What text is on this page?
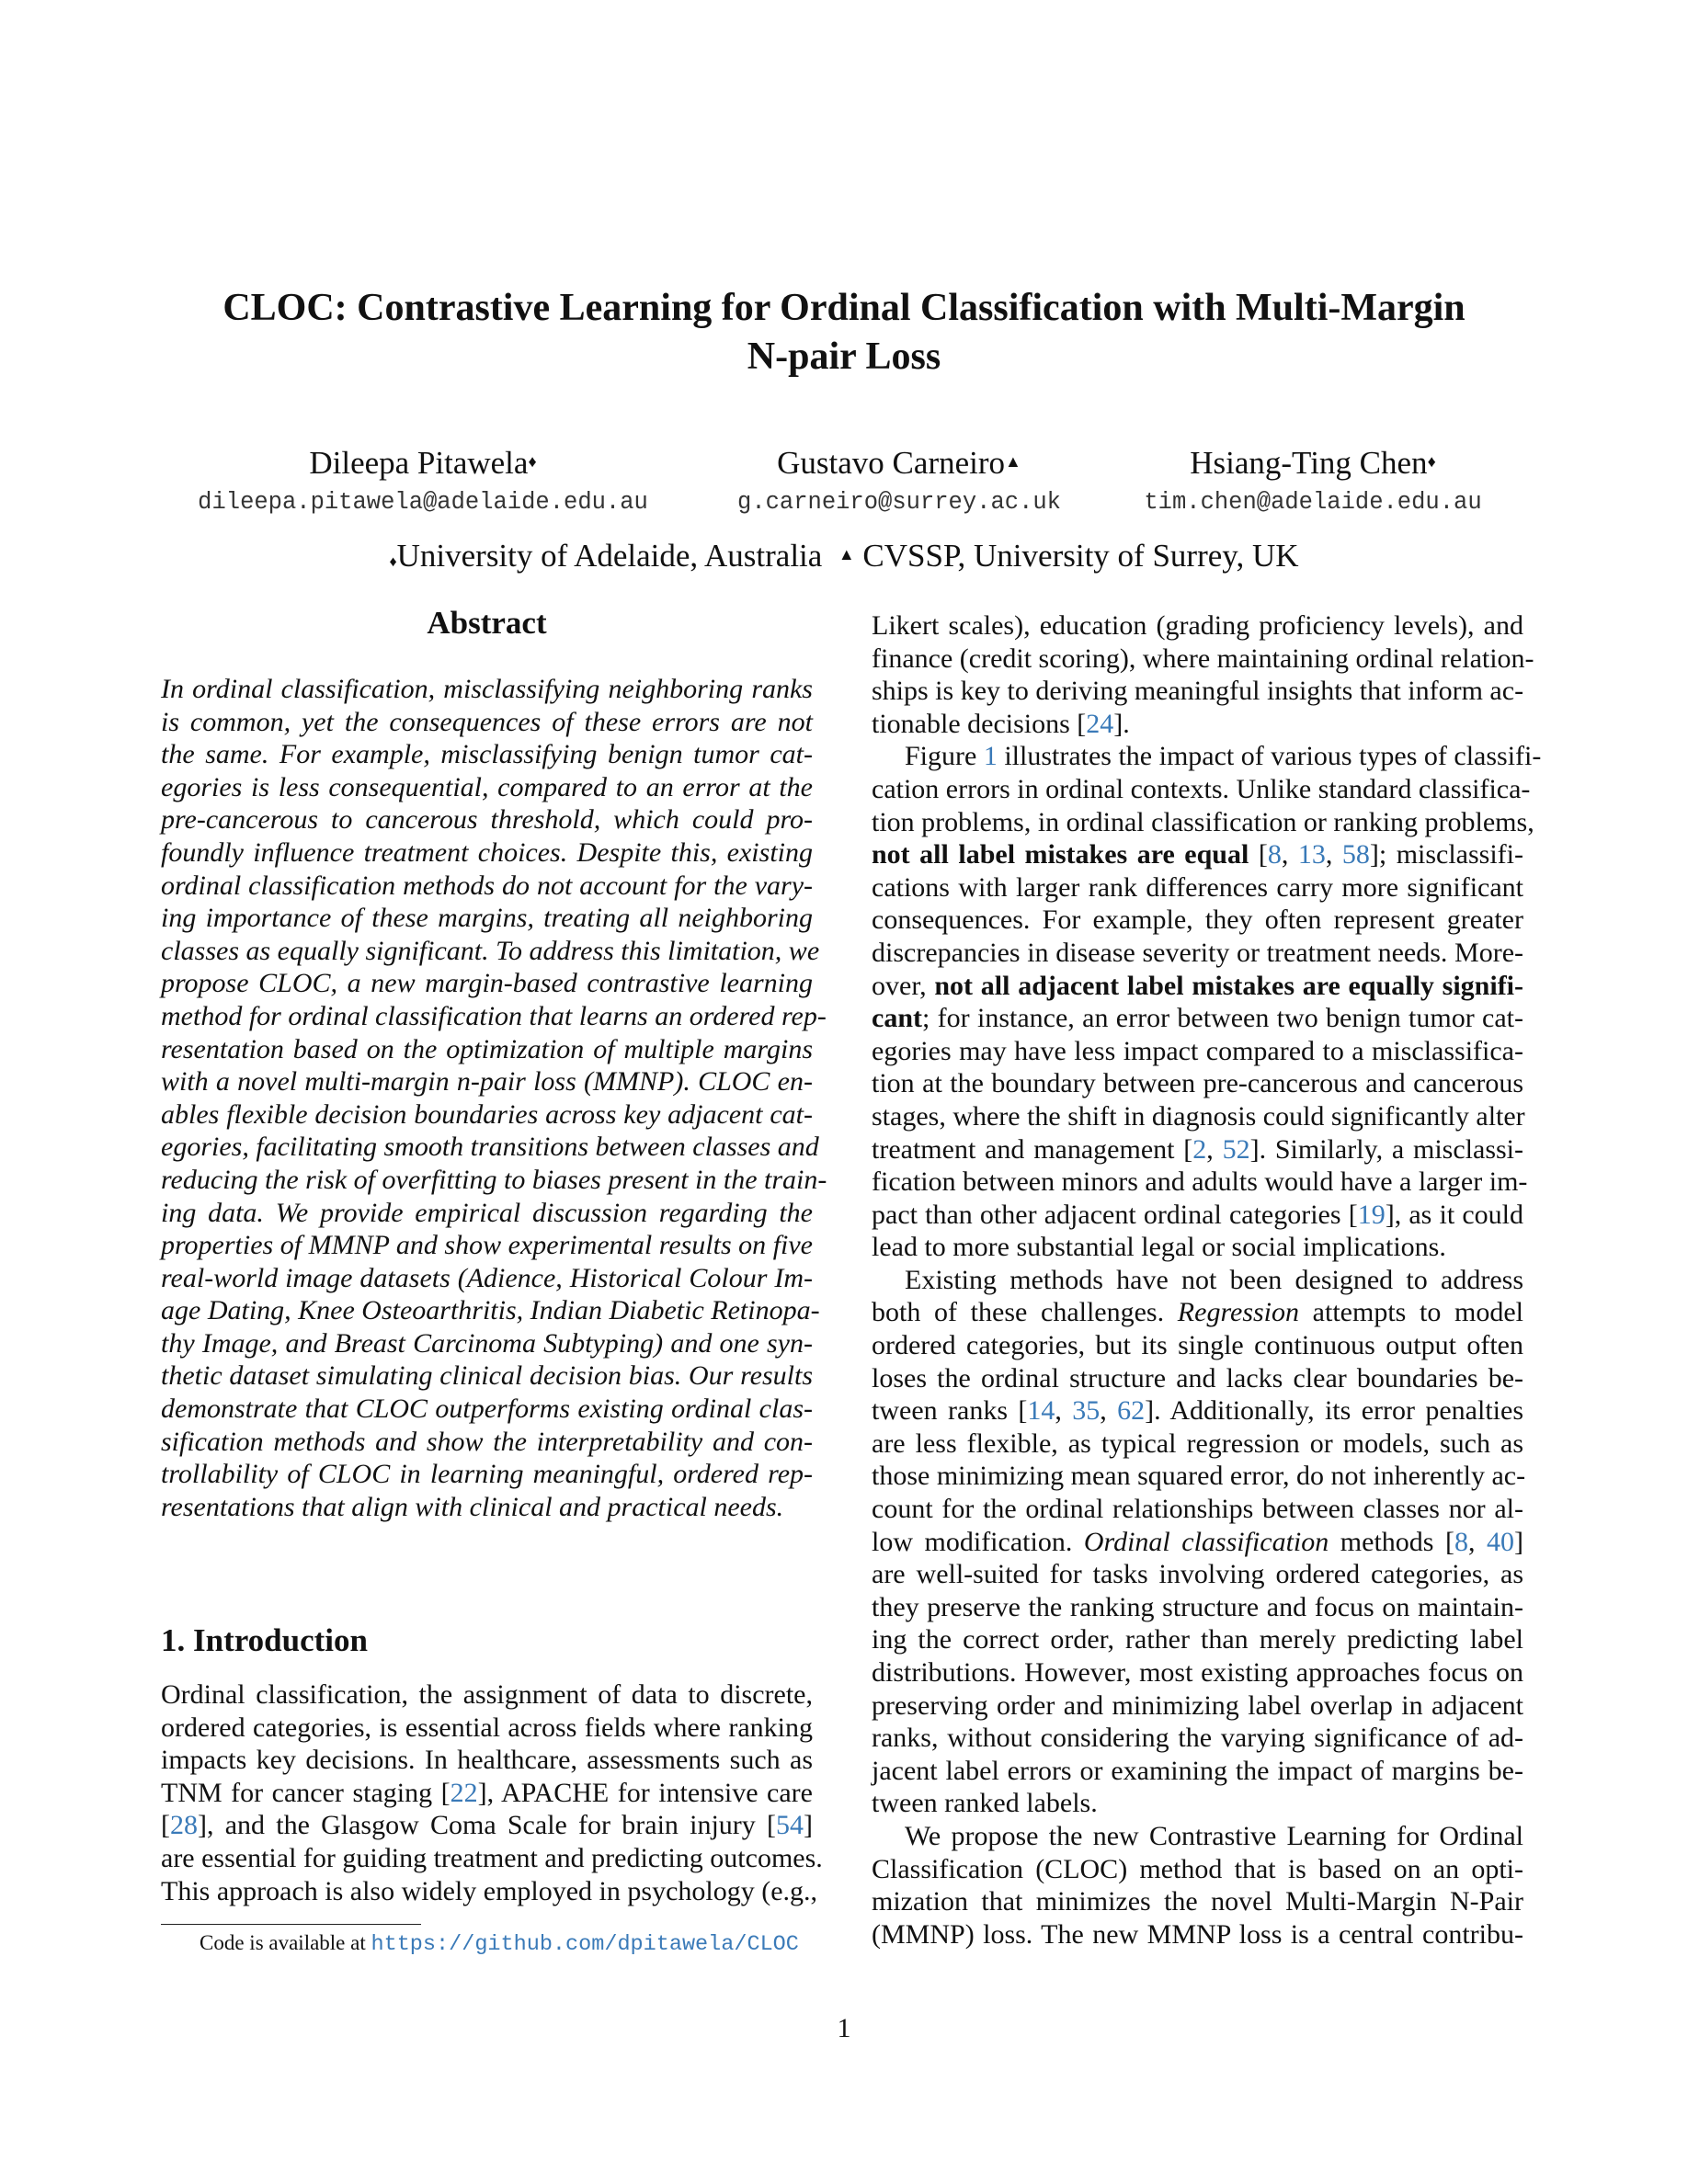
CLOC: Contrastive Learning for Ordinal Classification with Multi-Margin
N-pair Loss
Dileepa Pitawela♦
dileepa.pitawela@adelaide.edu.au
Gustavo Carneiro▲
g.carneiro@surrey.ac.uk
Hsiang-Ting Chen♦
tim.chen@adelaide.edu.au
♦University of Adelaide, Australia ▲ CVSSP, University of Surrey, UK
Abstract
In ordinal classification, misclassifying neighboring ranks
is common, yet the consequences of these errors are not
the same. For example, misclassifying benign tumor cat-
egories is less consequential, compared to an error at the
pre-cancerous to cancerous threshold, which could pro-
foundly influence treatment choices. Despite this, existing
ordinal classification methods do not account for the vary-
ing importance of these margins, treating all neighboring
classes as equally significant. To address this limitation, we
propose CLOC, a new margin-based contrastive learning
method for ordinal classification that learns an ordered rep-
resentation based on the optimization of multiple margins
with a novel multi-margin n-pair loss (MMNP). CLOC en-
ables flexible decision boundaries across key adjacent cat-
egories, facilitating smooth transitions between classes and
reducing the risk of overfitting to biases present in the train-
ing data. We provide empirical discussion regarding the
properties of MMNP and show experimental results on five
real-world image datasets (Adience, Historical Colour Im-
age Dating, Knee Osteoarthritis, Indian Diabetic Retinopa-
thy Image, and Breast Carcinoma Subtyping) and one syn-
thetic dataset simulating clinical decision bias. Our results
demonstrate that CLOC outperforms existing ordinal clas-
sification methods and show the interpretability and con-
trollability of CLOC in learning meaningful, ordered rep-
resentations that align with clinical and practical needs.
1. Introduction
Ordinal classification, the assignment of data to discrete,
ordered categories, is essential across fields where ranking
impacts key decisions. In healthcare, assessments such as
TNM for cancer staging [22], APACHE for intensive care
[28], and the Glasgow Coma Scale for brain injury [54]
are essential for guiding treatment and predicting outcomes.
This approach is also widely employed in psychology (e.g.,
Likert scales), education (grading proficiency levels), and
finance (credit scoring), where maintaining ordinal relation-
ships is key to deriving meaningful insights that inform ac-
tionable decisions [24].
Figure 1 illustrates the impact of various types of classifi-
cation errors in ordinal contexts. Unlike standard classifica-
tion problems, in ordinal classification or ranking problems,
not all label mistakes are equal [8, 13, 58]; misclassifi-
cations with larger rank differences carry more significant
consequences. For example, they often represent greater
discrepancies in disease severity or treatment needs. More-
over, not all adjacent label mistakes are equally signifi-
cant; for instance, an error between two benign tumor cat-
egories may have less impact compared to a misclassifica-
tion at the boundary between pre-cancerous and cancerous
stages, where the shift in diagnosis could significantly alter
treatment and management [2, 52]. Similarly, a misclassi-
fication between minors and adults would have a larger im-
pact than other adjacent ordinal categories [19], as it could
lead to more substantial legal or social implications.
Existing methods have not been designed to address
both of these challenges. Regression attempts to model
ordered categories, but its single continuous output often
loses the ordinal structure and lacks clear boundaries be-
tween ranks [14, 35, 62]. Additionally, its error penalties
are less flexible, as typical regression or models, such as
those minimizing mean squared error, do not inherently ac-
count for the ordinal relationships between classes nor al-
low modification. Ordinal classification methods [8, 40]
are well-suited for tasks involving ordered categories, as
they preserve the ranking structure and focus on maintain-
ing the correct order, rather than merely predicting label
distributions. However, most existing approaches focus on
preserving order and minimizing label overlap in adjacent
ranks, without considering the varying significance of ad-
jacent label errors or examining the impact of margins be-
tween ranked labels.
We propose the new Contrastive Learning for Ordinal
Classification (CLOC) method that is based on an opti-
mization that minimizes the novel Multi-Margin N-Pair
(MMNP) loss. The new MMNP loss is a central contribu-
Code is available at https://github.com/dpitawela/CLOC
1
